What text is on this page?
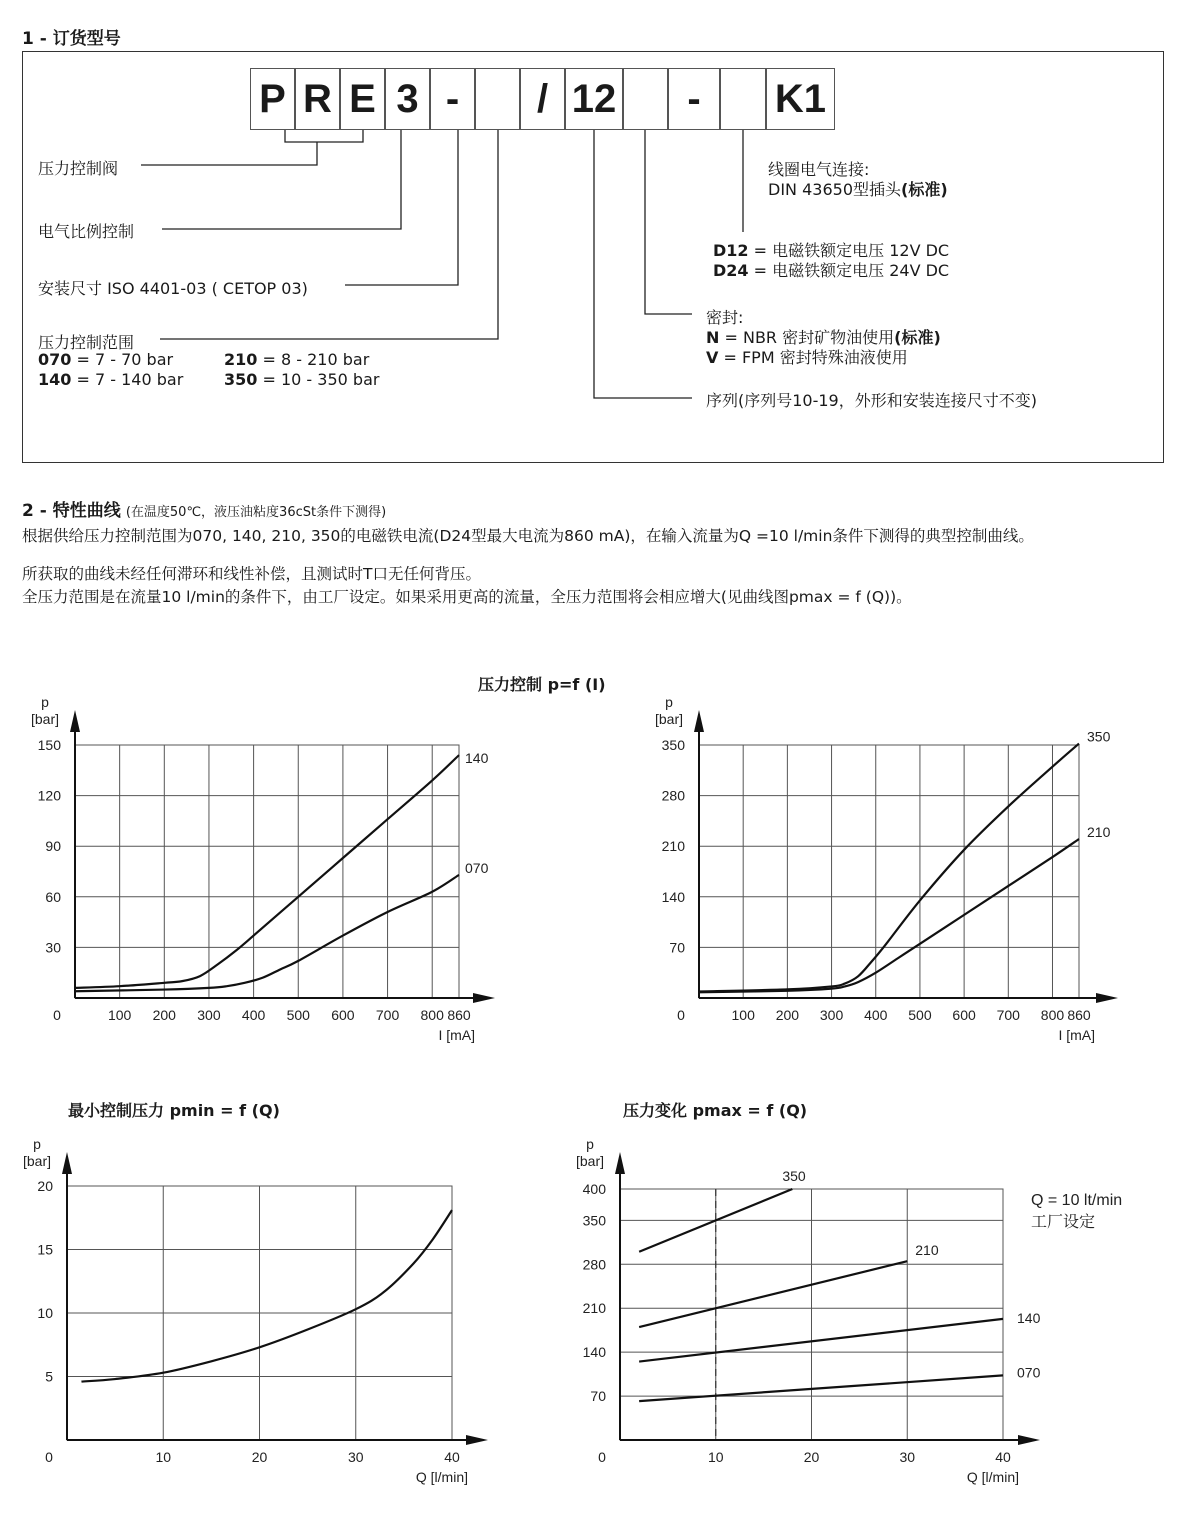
1 - 订货型号
P R E 3 -	/ 12	-	K1
压力控制阀
电气比例控制
安装尺寸 ISO 4401-03 ( CETOP 03)
压力控制范围
070 = 7 - 70 bar	210 = 8 - 210 bar
140 = 7 - 140 bar	350 = 10 - 350 bar
线圈电气连接:
DIN 43650型插头(标准)
D12 = 电磁铁额定电压 12V DC
D24 = 电磁铁额定电压 24V DC
密封:
N = NBR 密封矿物油使用(标准)
V = FPM 密封特殊油液使用
序列(序列号10-19，外形和安装连接尺寸不变)
2 - 特性曲线 (在温度50℃，液压油粘度36cSt条件下测得)
根据供给压力控制范围为070, 140, 210, 350的电磁铁电流(D24型最大电流为860 mA)，在输入流量为Q =10 l/min条件下测得的典型控制曲线。
所获取的曲线未经任何滞环和线性补偿，且测试时T口无任何背压。
全压力范围是在流量10 l/min的条件下，由工厂设定。如果采用更高的流量，全压力范围将会相应增大(见曲线图pmax = f (Q))。
压力控制 p=f (I)
最小控制压力 pmin = f (Q)	压力变化 pmax = f (Q)
0	100 200 300 400 500 600 700 800 860
30
60
90
120
150
p
[bar]
I [mA]
140
070
0	100 200 300 400 500 600 700 800 860
70
140
210
280
350
p
[bar]
I [mA]
350
210
0	10	20	30	40
5
10
15
20
p
[bar]
Q [l/min]
0	10	20	30	40
70
140
210
280
350
400
p
[bar]
Q [l/min]
350
210
140
070
Q = 10 lt/min
工厂设定
